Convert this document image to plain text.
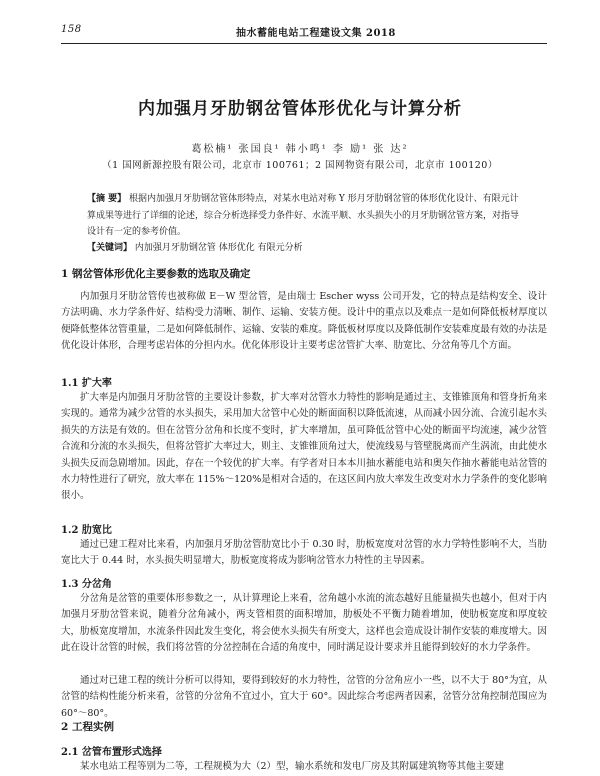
158	抽水蓄能电站工程建设文集 2018
内加强月牙肋钢岔管体形优化与计算分析
葛松楠¹ 张国良¹ 韩小鸣¹ 李 励¹ 张 达²
（1 国网新源控股有限公司，北京市 100761；2 国网物资有限公司，北京市 100120）
【摘 要】 根据内加强月牙肋钢岔管体形特点，对某水电站对称 Y 形月牙肋钢岔管的体形优化设计、有限元计算成果等进行了详细的论述，综合分析选择受力条件好、水流平顺、水头损失小的月牙肋钢岔管方案，对指导设计有一定的参考价值。
【关键词】 内加强月牙肋钢岔管 体形优化 有限元分析
1 钢岔管体形优化主要参数的选取及确定
内加强月牙肋岔管传也被称做 E－W 型岔管，是由瑞士 Escher wyss 公司开发，它的特点是结构安全、设计方法明确、水力学条件好、结构受力清晰、制作、运输、安装方便。设计中的重点以及难点一是如何降低板材厚度以便降低整体岔管重量，二是如何降低制作、运输、安装的难度。降低板材厚度以及降低制作安装难度最有效的办法是优化设计体形，合理考虑岩体的分担内水。优化体形设计主要考虑岔管扩大率、肋宽比、分岔角等几个方面。
1.1 扩大率
扩大率是内加强月牙肋岔管的主要设计参数，扩大率对岔管水力特性的影响是通过主、支锥锥顶角和管身折角来实现的。通常为减少岔管的水头损失，采用加大岔管中心处的断面面积以降低流速，从而减小因分流、合流引起水头损失的方法是有效的。但在岔管分岔角和长度不变时，扩大率增加，虽可降低岔管中心处的断面平均流速，减少岔管合流和分流的水头损失，但将岔管扩大率过大，则主、支锥锥顶角过大，使流线易与管壁脱离而产生涡流，由此使水头损失反而急剧增加。因此，存在一个较优的扩大率。有学者对日本本川抽水蓄能电站和奥矢作抽水蓄能电站岔管的水力特性进行了研究，放大率在 115%～120%是相对合适的，在这区间内放大率发生改变对水力学条件的变化影响很小。
1.2 肋宽比
通过已建工程对比来看，内加强月牙肋岔管肋宽比小于 0.30 时，肋板宽度对岔管的水力学特性影响不大，当肋宽比大于 0.44 时，水头损失明显增大，肋板宽度将成为影响岔管水力特性的主导因素。
1.3 分岔角
分岔角是岔管的重要体形参数之一，从计算理论上来看，岔角越小水流的流态越好且能量损失也越小，但对于内加强月牙肋岔管来说，随着分岔角减小，两支管相贯的面积增加，肋板处不平衡力随着增加，使肋板宽度和厚度较大，肋板宽度增加，水流条件因此发生变化，将会使水头损失有所变大，这样也会造成设计制作安装的难度增大。因此在设计岔管的时候，我们将岔管的分岔控制在合适的角度中，同时满足设计要求并且能得到较好的水力学条件。
通过对已建工程的统计分析可以得知，要得到较好的水力特性，岔管的分岔角应小一些，以不大于 80°为宜，从岔管的结构性能分析来看，岔管的分岔角不宜过小，宜大于 60°。因此综合考虑两者因素，岔管分岔角控制范围应为 60°～80°。
2 工程实例
2.1 岔管布置形式选择
某水电站工程等别为二等，工程规模为大（2）型，输水系统和发电厂房及其附属建筑物等其他主要建
